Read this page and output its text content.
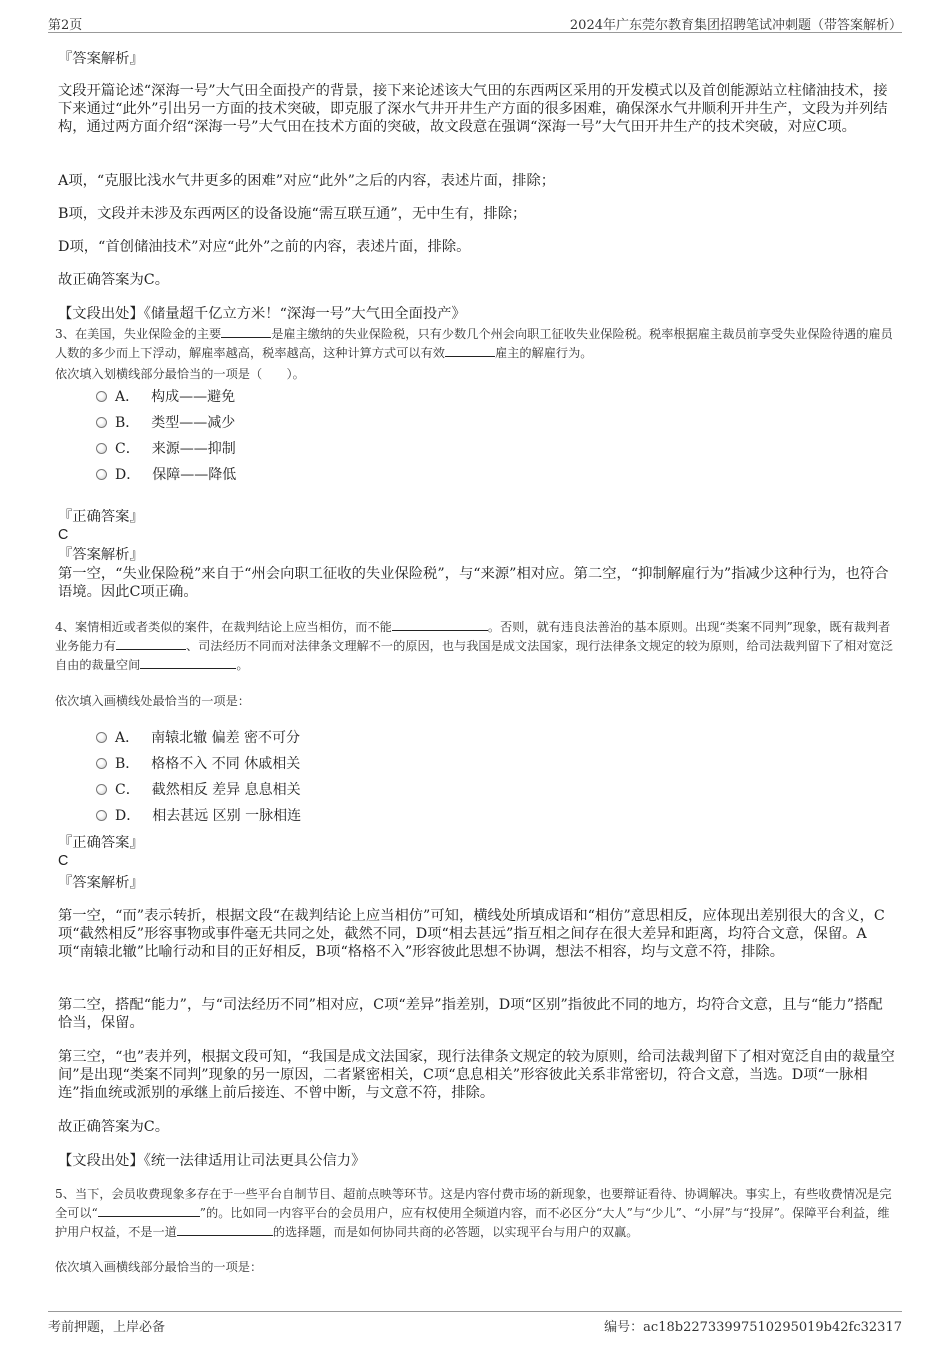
第2页	2024年广东莞尔教育集团招聘笔试冲刺题（带答案解析）
『答案解析』
文段开篇论述“深海一号”大气田全面投产的背景，接下来论述该大气田的东西两区采用的开发模式以及首创能源站立柱储油技术，接下来通过“此外”引出另一方面的技术突破，即克服了深水气井开井生产方面的很多困难，确保深水气井顺利开井生产，文段为并列结构，通过两方面介绍“深海一号”大气田在技术方面的突破，故文段意在强调“深海一号”大气田开井生产的技术突破，对应C项。
A项，“克服比浅水气井更多的困难”对应“此外”之后的内容，表述片面，排除；
B项，文段并未涉及东西两区的设备设施“需互联互通”，无中生有，排除；
D项，“首创储油技术”对应“此外”之前的内容，表述片面，排除。
故正确答案为C。
【文段出处】《储量超千亿立方米！“深海一号”大气田全面投产》
3、在美国，失业保险金的主要	是雇主缴纳的失业保险税，只有少数几个州会向职工征收失业保险税。税率根据雇主裁员前享受失业保险待遇的雇员人数的多少而上下浮动，解雇率越高，税率越高，这种计算方式可以有效	雇主的解雇行为。
依次填入划横线部分最恰当的一项是（　　）。
A． 构成——避免
B． 类型——减少
C． 来源——抑制
D． 保障——降低
『正确答案』
C
『答案解析』
第一空，“失业保险税”来自于“州会向职工征收的失业保险税”，与“来源”相对应。第二空，“抑制解雇行为”指减少这种行为，也符合语境。因此C项正确。
4、案情相近或者类似的案件，在裁判结论上应当相仿，而不能	。否则，就有违良法善治的基本原则。出现“类案不同判”现象，既有裁判者业务能力有	、司法经历不同而对法律条文理解不一的原因，也与我国是成文法国家，现行法律条文规定的较为原则，给司法裁判留下了相对宽泛自由的裁量空间	。
依次填入画横线处最恰当的一项是：
A． 南辕北辙 偏差 密不可分
B． 格格不入 不同 休戚相关
C． 截然相反 差异 息息相关
D． 相去甚远 区别 一脉相连
『正确答案』
C
『答案解析』
第一空，“而”表示转折，根据文段“在裁判结论上应当相仿”可知，横线处所填成语和“相仿”意思相反，应体现出差别很大的含义，C项“截然相反”形容事物或事件毫无共同之处，截然不同，D项“相去甚远”指互相之间存在很大差异和距离，均符合文意，保留。A项“南辕北辙”比喻行动和目的正好相反，B项“格格不入”形容彼此思想不协调，想法不相容，均与文意不符，排除。
第二空，搭配“能力”，与“司法经历不同”相对应，C项“差异”指差别，D项“区别”指彼此不同的地方，均符合文意，且与“能力”搭配恰当，保留。
第三空，“也”表并列，根据文段可知，“我国是成文法国家，现行法律条文规定的较为原则，给司法裁判留下了相对宽泛自由的裁量空间”是出现“类案不同判”现象的另一原因，二者紧密相关，C项“息息相关”形容彼此关系非常密切，符合文意，当选。D项“一脉相连”指血统或派别的承继上前后接连、不曾中断，与文意不符，排除。
故正确答案为C。
【文段出处】《统一法律适用让司法更具公信力》
5、当下，会员收费现象多存在于一些平台自制节目、超前点映等环节。这是内容付费市场的新现象，也要辩证看待、协调解决。事实上，有些收费情况是完全可以“	”的。比如同一内容平台的会员用户，应有权使用全频道内容，而不必区分“大人”与“少儿”、“小屏”与“投屏”。保障平台利益，维护用户权益，不是一道	的选择题，而是如何协同共商的必答题，以实现平台与用户的双赢。
依次填入画横线部分最恰当的一项是：
考前押题，上岸必备	编号：ac18b22733997510295019b42fc32317
